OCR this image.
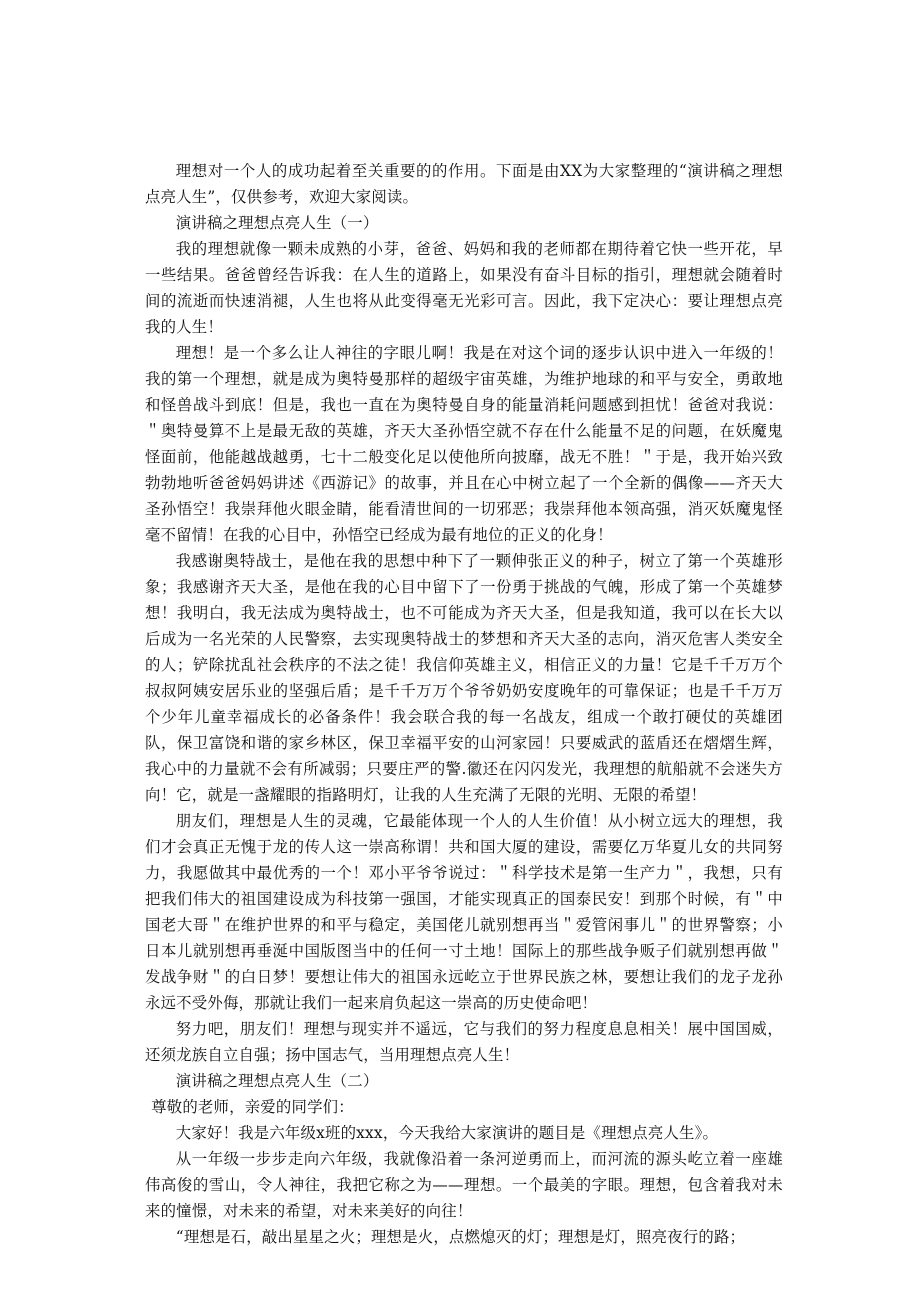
理想对一个人的成功起着至关重要的的作用。下面是由XX为大家整理的“演讲稿之理想点亮人生”，仅供参考，欢迎大家阅读。

演讲稿之理想点亮人生（一）

我的理想就像一颗未成熟的小芽，爸爸、妈妈和我的老师都在期待着它快一些开花，早一些结果。爸爸曾经告诉我：在人生的道路上，如果没有奋斗目标的指引，理想就会随着时间的流逝而快速消褪，人生也将从此变得毫无光彩可言。因此，我下定决心：要让理想点亮我的人生！

理想！是一个多么让人神往的字眼儿啊！我是在对这个词的逐步认识中进入一年级的！我的第一个理想，就是成为奥特曼那样的超级宇宙英雄，为维护地球的和平与安全，勇敢地和怪兽战斗到底！但是，我也一直在为奥特曼自身的能量消耗问题感到担忧！爸爸对我说：＂奥特曼算不上是最无敌的英雄，齐天大圣孙悟空就不存在什么能量不足的问题，在妖魔鬼怪面前，他能越战越勇，七十二般变化足以使他所向披靡，战无不胜！＂于是，我开始兴致勃勃地听爸爸妈妈讲述《西游记》的故事，并且在心中树立起了一个全新的偶像——齐天大圣孙悟空！我崇拜他火眼金睛，能看清世间的一切邪恶；我崇拜他本领高强，消灭妖魔鬼怪毫不留情！在我的心目中，孙悟空已经成为最有地位的正义的化身！

我感谢奥特战士，是他在我的思想中种下了一颗伸张正义的种子，树立了第一个英雄形象；我感谢齐天大圣，是他在我的心目中留下了一份勇于挑战的气魄，形成了第一个英雄梦想！我明白，我无法成为奥特战士，也不可能成为齐天大圣，但是我知道，我可以在长大以后成为一名光荣的人民警察，去实现奥特战士的梦想和齐天大圣的志向，消灭危害人类安全的人；铲除扰乱社会秩序的不法之徒！我信仰英雄主义，相信正义的力量！它是千千万万个叔叔阿姨安居乐业的坚强后盾；是千千万万个爷爷奶奶安度晚年的可靠保证；也是千千万万个少年儿童幸福成长的必备条件！我会联合我的每一名战友，组成一个敢打硬仗的英雄团队，保卫富饶和谐的家乡林区，保卫幸福平安的山河家园！只要威武的蓝盾还在熠熠生辉，我心中的力量就不会有所减弱；只要庄严的警.徽还在闪闪发光，我理想的航船就不会迷失方向！它，就是一盏耀眼的指路明灯，让我的人生充满了无限的光明、无限的希望！

朋友们，理想是人生的灵魂，它最能体现一个人的人生价值！从小树立远大的理想，我们才会真正无愧于龙的传人这一崇高称谓！共和国大厦的建设，需要亿万华夏儿女的共同努力，我愿做其中最优秀的一个！邓小平爷爷说过：＂科学技术是第一生产力＂，我想，只有把我们伟大的祖国建设成为科技第一强国，才能实现真正的国泰民安！到那个时候，有＂中国老大哥＂在维护世界的和平与稳定，美国佬儿就别想再当＂爱管闲事儿＂的世界警察；小日本儿就别想再垂涎中国版图当中的任何一寸土地！国际上的那些战争贩子们就别想再做＂发战争财＂的白日梦！要想让伟大的祖国永远屹立于世界民族之林，要想让我们的龙子龙孙永远不受外侮，那就让我们一起来肩负起这一崇高的历史使命吧！

努力吧，朋友们！理想与现实并不遥远，它与我们的努力程度息息相关！展中国国威，还须龙族自立自强；扬中国志气，当用理想点亮人生！

演讲稿之理想点亮人生（二）

尊敬的老师，亲爱的同学们：

大家好！我是六年级x班的xxx，今天我给大家演讲的题目是《理想点亮人生》。

从一年级一步步走向六年级，我就像沿着一条河逆勇而上，而河流的源头屹立着一座雄伟高俊的雪山，令人神往，我把它称之为——理想。一个最美的字眼。理想，包含着我对未来的憧憬，对未来的希望，对未来美好的向往！

“理想是石，敲出星星之火；理想是火，点燃熄灭的灯；理想是灯，照亮夜行的路；
